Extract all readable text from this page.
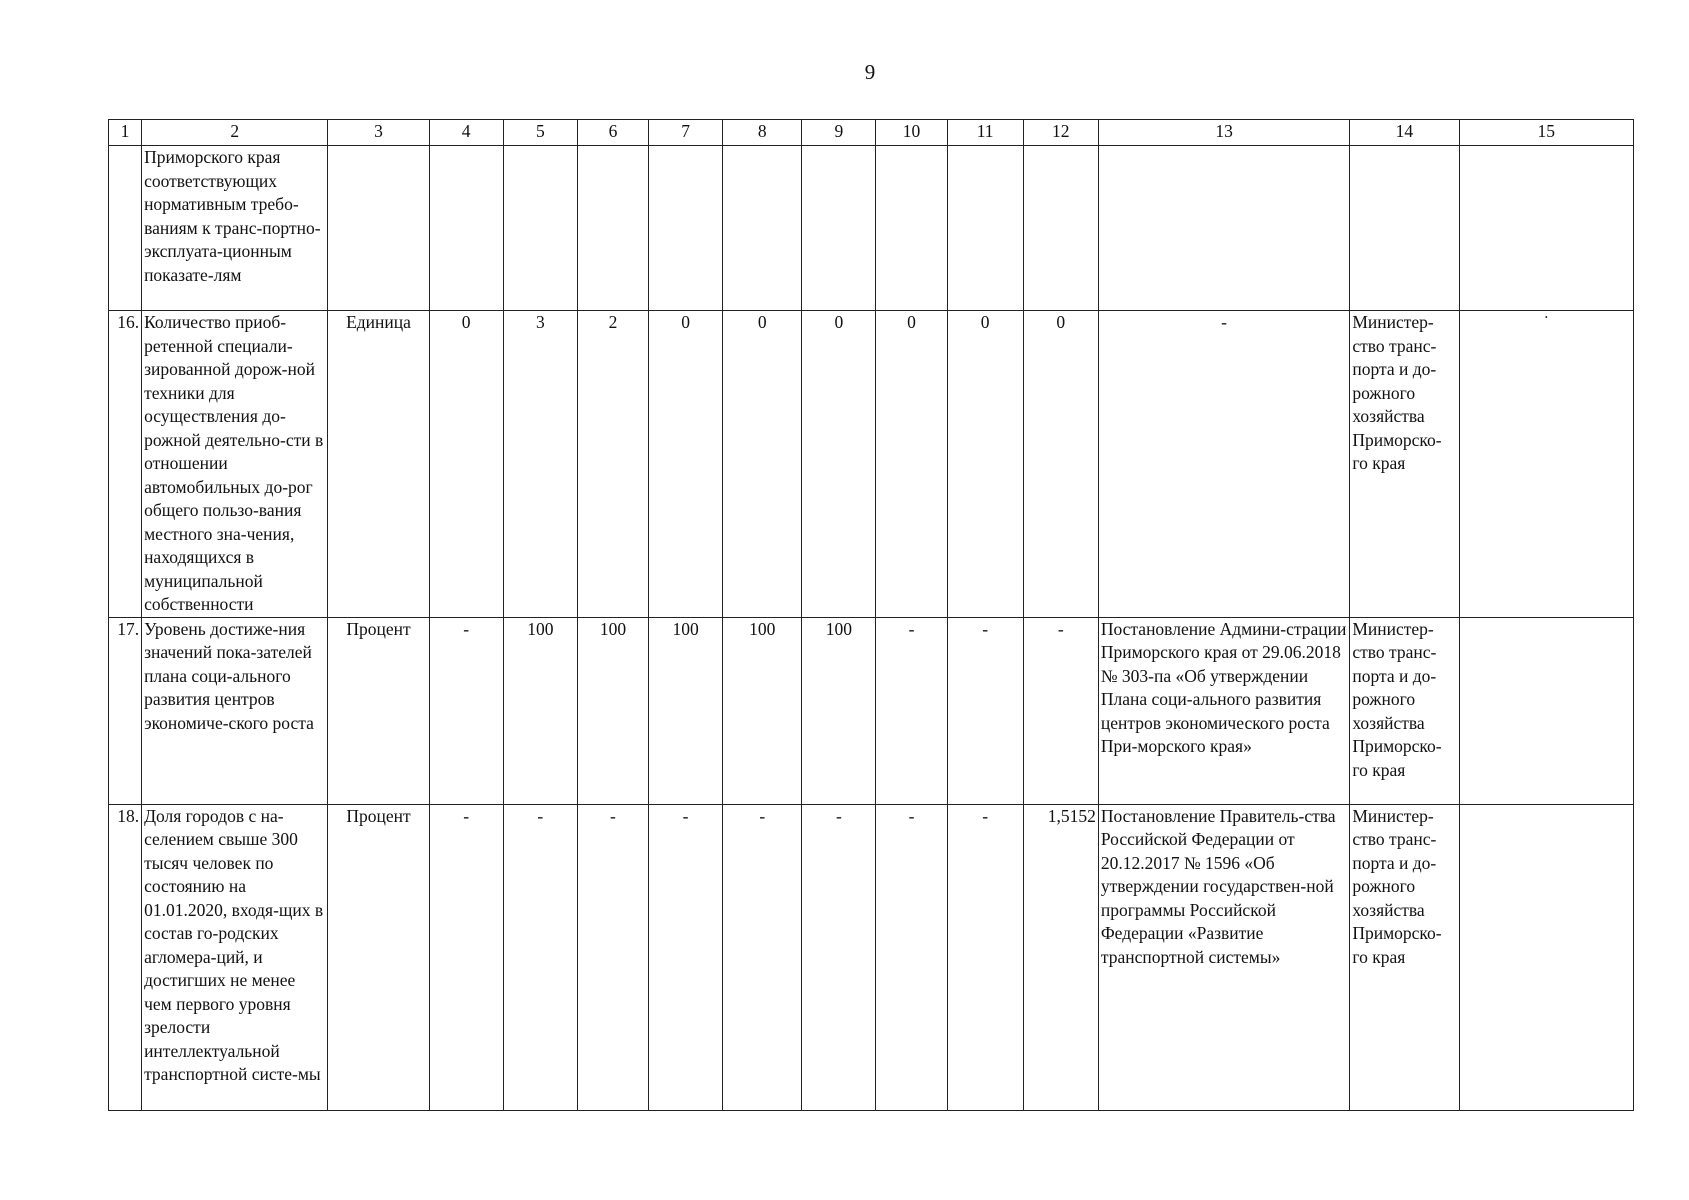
9
1	2	3	4	5	6	7	8	9	10	11	12	13	14	15
	Приморского края соответствующих нормативным требо-ваниям к транс-портно-эксплуата-ционным показате-лям													
16.	Количество приоб-ретенной специали-зированной дорож-ной техники для осуществления до-рожной деятельно-сти в отношении автомобильных до-рог общего пользо-вания местного зна-чения, находящихся в муниципальной собственности	Единица	0	3	2	0	0	0	0	0	0	-	Министер-ство транс-порта и до-рожного хозяйства Приморско-го края	˙
17.	Уровень достиже-ния значений пока-зателей плана соци-ального развития центров экономиче-ского роста	Процент	-	100	100	100	100	100	-	-	-	Постановление Админи-страции Приморского края от 29.06.2018 № 303-па «Об утверждении Плана соци-ального развития центров экономического роста При-морского края»	Министер-ство транс-порта и до-рожного хозяйства Приморско-го края	
18.	Доля городов с на-селением свыше 300 тысяч человек по состоянию на 01.01.2020, входя-щих в состав го-родских агломера-ций, и достигших не менее чем первого уровня зрелости интеллектуальной транспортной систе-мы	Процент	-	-	-	-	-	-	-	-	1,5152	Постановление Правитель-ства Российской Федерации от 20.12.2017 № 1596 «Об утверждении государствен-ной программы Российской Федерации «Развитие транспортной системы»	Министер-ство транс-порта и до-рожного хозяйства Приморско-го края	
